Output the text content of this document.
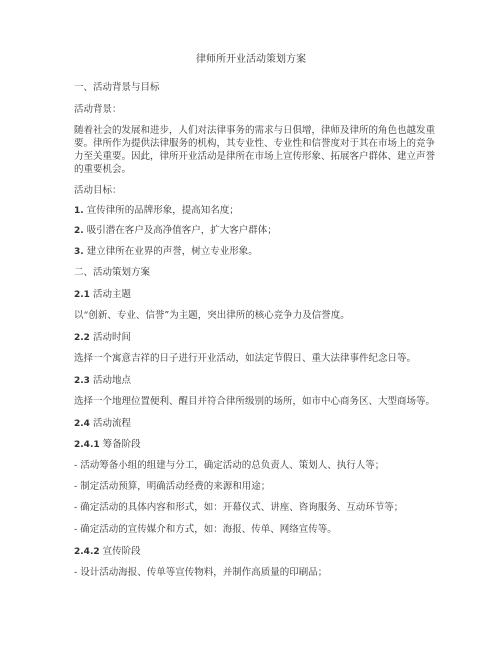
律师所开业活动策划方案
一、活动背景与目标
活动背景：
随着社会的发展和进步，人们对法律事务的需求与日俱增，律师及律所的角色也越发重要。律所作为提供法律服务的机构，其专业性、专业性和信誉度对于其在市场上的竞争力至关重要。因此，律所开业活动是律所在市场上宣传形象、拓展客户群体、建立声誉的重要机会。
活动目标：
1. 宣传律所的品牌形象，提高知名度；
2. 吸引潜在客户及高净值客户，扩大客户群体；
3. 建立律所在业界的声誉，树立专业形象。
二、活动策划方案
2.1 活动主题
以“创新、专业、信誉”为主题，突出律所的核心竞争力及信誉度。
2.2 活动时间
选择一个寓意吉祥的日子进行开业活动，如法定节假日、重大法律事件纪念日等。
2.3 活动地点
选择一个地理位置便利、醒目并符合律所级别的场所，如市中心商务区、大型商场等。
2.4 活动流程
2.4.1 筹备阶段
- 活动筹备小组的组建与分工，确定活动的总负责人、策划人、执行人等；
- 制定活动预算，明确活动经费的来源和用途；
- 确定活动的具体内容和形式，如：开幕仪式、讲座、咨询服务、互动环节等；
- 确定活动的宣传媒介和方式，如：海报、传单、网络宣传等。
2.4.2 宣传阶段
- 设计活动海报、传单等宣传物料，并制作高质量的印刷品；
